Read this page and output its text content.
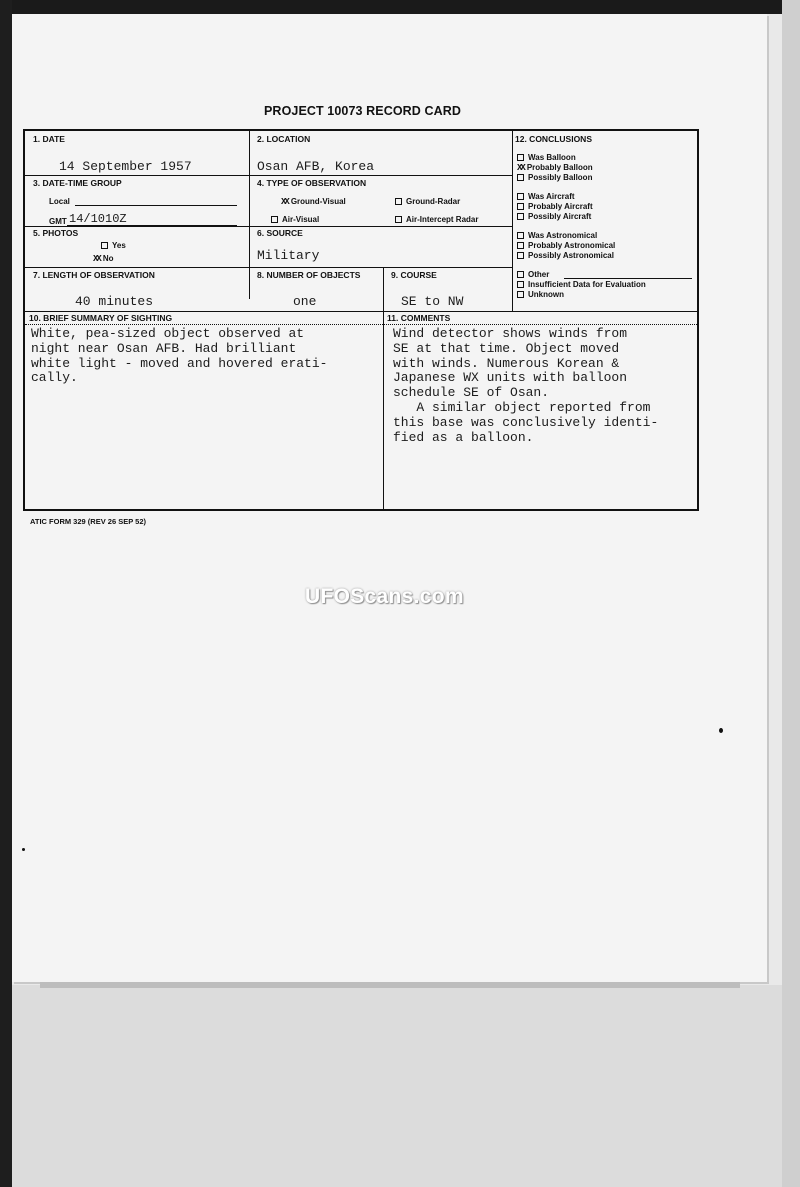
PROJECT 10073 RECORD CARD
1. DATE
14 September 1957
2. LOCATION
Osan AFB, Korea
3. DATE-TIME GROUP
Local
GMT 14/1010Z
4. TYPE OF OBSERVATION
XX Ground-Visual	Ground-Radar
Air-Visual	Air-Intercept Radar
5. PHOTOS
Yes
XX No
6. SOURCE
Military
7. LENGTH OF OBSERVATION
40 minutes
8. NUMBER OF OBJECTS
one
9. COURSE
SE to NW
10. BRIEF SUMMARY OF SIGHTING
White, pea-sized object observed at
night near Osan AFB. Had brilliant
white light - moved and hovered erati-
cally.
11. COMMENTS
Wind detector shows winds from
SE at that time. Object moved
with winds. Numerous Korean &
Japanese WX units with balloon
schedule SE of Osan.
A similar object reported from
this base was conclusively identi-
fied as a balloon.
12. CONCLUSIONS
Was Balloon
XX Probably Balloon
Possibly Balloon
Was Aircraft
Probably Aircraft
Possibly Aircraft
Was Astronomical
Probably Astronomical
Possibly Astronomical
Other
Insufficient Data for Evaluation
Unknown
ATIC FORM 329 (REV 26 SEP 52)
UFOScans.com
